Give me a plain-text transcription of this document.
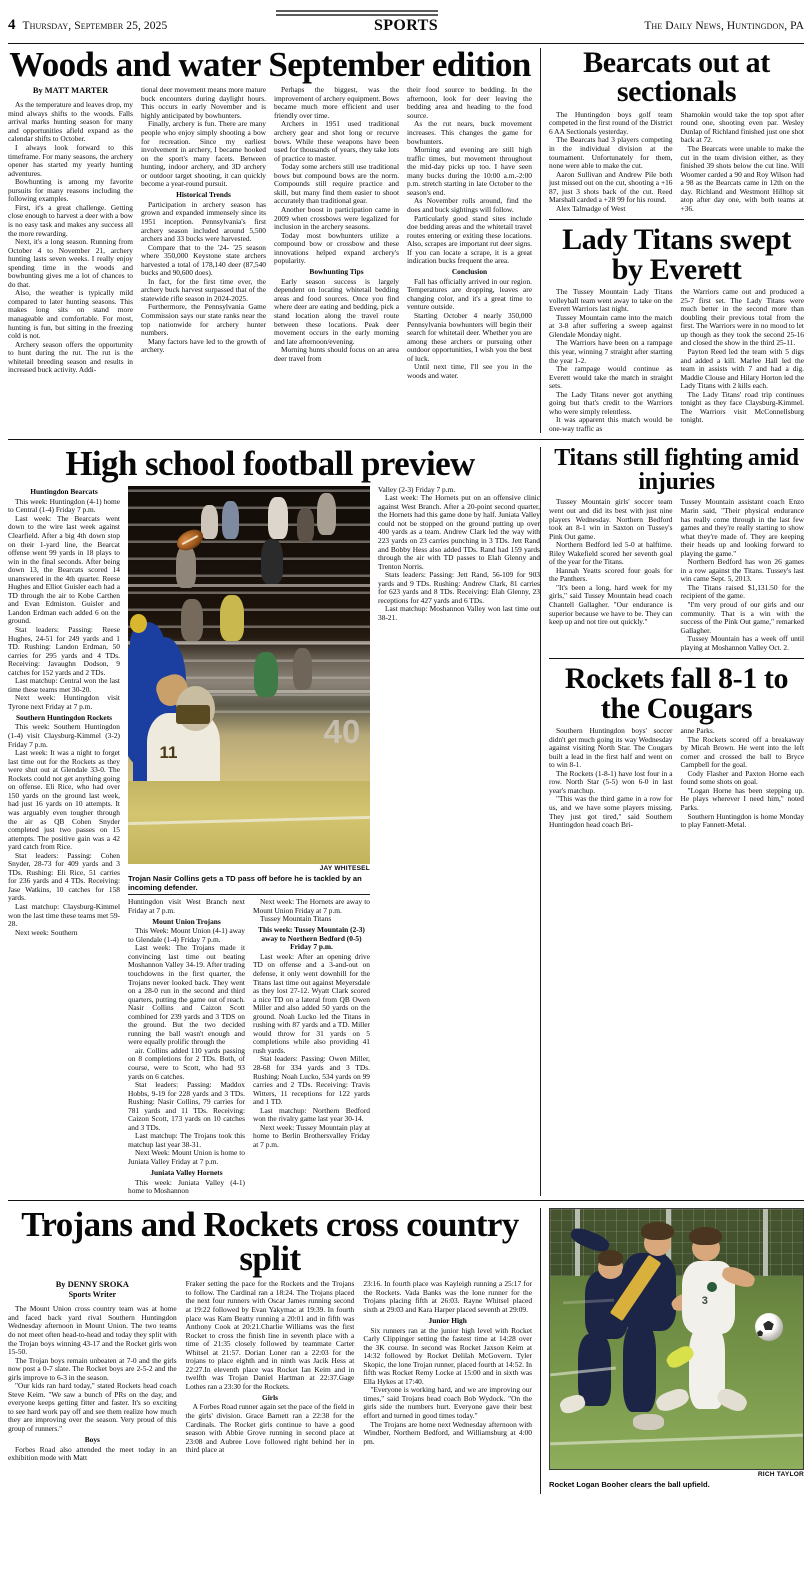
4 Thursday, September 25, 2025	The Daily News, Huntingdon, PA
SPORTS
Woods and water September edition
By MATT MARTER

As the temperature and leaves drop, my mind always shifts to the woods. Falls arrival marks hunting season for many and opportunities afield expand as the calendar shifts to October.

I always look forward to this timeframe. For many seasons, the archery opener has started my yearly hunting adventures.

Bowhunting is among my favorite pursuits for many reasons including the following examples.

First, it's a great challenge. Getting close enough to harvest a deer with a bow is no easy task and makes any success all the more rewarding.

Next, it's a long season. Running from October 4 to November 21, archery hunting lasts seven weeks. I really enjoy spending time in the woods and bowhunting gives me a lot of chances to do that.

Also, the weather is typically mild compared to later hunting seasons. This makes long sits on stand more manageable and comfortable. For most, hunting is fun, but sitting in the freezing cold is not.

Archery season offers the opportunity to hunt during the rut. The rut is the whitetail breeding season and results in increased buck activity. Addi-

tional deer movement means more mature buck encounters during daylight hours. This occurs in early November and is highly anticipated by bowhunters.

Finally, archery is fun. There are many people who enjoy simply shooting a bow for recreation. Since my earliest involvement in archery, I became hooked on the sport's many facets. Between hunting, indoor archery, and 3D archery or outdoor target shooting, it can quickly become a year-round pursuit.

Historical Trends

Participation in archery season has grown and expanded immensely since its 1951 inception. Pennsylvania's first archery season included around 5,500 archers and 33 bucks were harvested.

Compare that to the '24- '25 season where 350,000 Keystone state archers harvested a total of 178,140 deer (87,540 bucks and 90,600 does).

In fact, for the first time ever, the archery buck harvest surpassed that of the statewide rifle season in 2024-2025.

Furthermore, the Pennsylvania Game Commission says our state ranks near the top nationwide for archery hunter numbers.

Many factors have led to the growth of archery.

Perhaps the biggest, was the improvement of archery equipment. Bows became much more efficient and user friendly over time.

Archers in 1951 used traditional archery gear and shot long or recurve bows. While these weapons have been used for thousands of years, they take lots of practice to master.

Today some archers still use traditional bows but compound bows are the norm. Compounds still require practice and skill, but many find them easier to shoot accurately than traditional gear.

Another boost in participation came in 2009 when crossbows were legalized for inclusion in the archery seasons.

Today most bowhunters utilize a compound bow or crossbow and these innovations helped expand archery's popularity.

Bowhunting Tips

Early season success is largely dependent on locating whitetail bedding areas and food sources. Once you find where deer are eating and bedding, pick a stand location along the travel route between these locations. Peak deer movement occurs in the early morning and late afternoon/evening.

Morning hunts should focus on an area deer travel from

their food source to bedding. In the afternoon, look for deer leaving the bedding area and heading to the food source.

As the rut nears, buck movement increases. This changes the game for bowhunters.

Morning and evening are still high traffic times, but movement throughout the mid-day picks up too. I have seen many bucks during the 10:00 a.m.-2:00 p.m. stretch starting in late October to the season's end.

As November rolls around, find the does and buck sightings will follow.

Particularly good stand sites include doe bedding areas and the whitetail travel routes entering or exiting these locations. Also, scrapes are important rut deer signs. If you can locate a scrape, it is a great indication bucks frequent the area.

Conclusion

Fall has officially arrived in our region. Temperatures are dropping, leaves are changing color, and it's a great time to venture outside.

Starting October 4 nearly 350,000 Pennsylvania bowhunters will begin their search for whitetail deer. Whether you are among these archers or pursuing other outdoor opportunities, I wish you the best of luck.

Until next time, I'll see you in the woods and water.

Bearcats out at sectionals

The Huntingdon boys golf team competed in the first round of the District 6 AA Sectionals yesterday.

The Bearcats had 3 players competing in the individual division at the tournament. Unfortunately for them, none were able to make the cut.

Aaron Sullivan and Andrew Pile both just missed out on the cut, shooting a +16 87, just 3 shots back of the cut. Reed Marshall carded a +28 99 for his round.

Alex Talmadge of West

Shamokin would take the top spot after round one, shooting even par. Wesley Dunlap of Richland finished just one shot back at 72.

The Bearcats were unable to make the cut in the team division either, as they finished 39 shots below the cut line. Will Woomer carded a 90 and Roy Wilson had a 98 as the Bearcats came in 12th on the day. Richland and Westmont Hilltop sit atop after day one, with both teams at +36.

Lady Titans swept by Everett

The Tussey Mountain Lady Titans volleyball team went away to take on the Everett Warriors last night.

Tussey Mountain came into the match at 3-8 after suffering a sweep against Glendale Monday night.

The Warriors have been on a rampage this year, winning 7 straight after starting the year 1-2.

The rampage would continue as Everett would take the match in straight sets.

The Lady Titans never got anything going but that's credit to the Warriors who were simply relentless.

It was apparent this match would be one-way traffic as

the Warriors came out and produced a 25-7 first set. The Lady Titans were much better in the second more than doubling their previous total from the first. The Warriors were in no mood to let up though as they took the second 25-16 and closed the show in the third 25-11.

Payton Reed led the team with 5 digs and added a kill. Marlee Hall led the team in assists with 7 and had a dig. Maddie Clouse and Hilary Horton led the Lady Titans with 2 kills each.

The Lady Titans' road trip continues tonight as they face Claysburg-Kimmel. The Warriors visit McConnellsburg tonight.

High school football preview

Huntingdon Bearcats

This week: Huntingdon (4-1) home to Central (1-4) Friday 7 p.m.

Last week: The Bearcats went down to the wire last week against Clearfield. After a big 4th down stop on their 1-yard line, the Bearcat offense went 99 yards in 18 plays to win in the final seconds. After being down 13, the Bearcats scored 14 unanswered in the 4th quarter. Reese Hughes and Elliot Guisler each had a TD through the air to Kobe Carthen and Evan Edmiston. Guisler and Landon Erdman each added 6 on the ground.

Stat leaders: Passing: Reese Hughes, 24-51 for 249 yards and 1 TD. Rushing: Landon Erdman, 50 carries for 295 yards and 4 TDs. Receiving: Javaughn Dodson, 9 catches for 152 yards and 2 TDs.

Last matchup: Central won the last time these teams met 30-20.

Next week: Huntingdon visit Tyrone next Friday at 7 p.m.

Southern Huntingdon Rockets

This week: Southern Huntingdon (1-4) visit Claysburg-Kimmel (3-2) Friday 7 p.m.

Last week: It was a night to forget last time out for the Rockets as they were shut out at Glendale 33-0. The Rockets could not get anything going on offense. Eli Rice, who had over 150 yards on the ground last week, had just 16 yards on 10 attempts. It was arguably even tougher through the air as QB Cohen Snyder completed just two passes on 15 attempts. The positive gain was a 42 yard catch from Rice.

Stat leaders: Passing: Cohen Snyder, 28-73 for 409 yards and 3 TDs. Rushing: Eli Rice, 51 carries for 236 yards and 4 TDs. Receiving: Jase Watkins, 10 catches for 158 yards.

Last matchup: Claysburg-Kimmel won the last time these teams met 59-28.

Next week: Southern

40
11
JAY WHITESEL
Trojan Nasir Collins gets a TD pass off before he is tackled by an incoming defender.

Huntingdon visit West Branch next Friday at 7 p.m.

Mount Union Trojans

This Week: Mount Union (4-1) away to Glendale (1-4) Friday 7 p.m.

Last week: The Trojans made it convincing last time out beating Moshannon Valley 34-19. After trading touchdowns in the first quarter, the Trojans never looked back. They went on a 28-0 run in the second and third quarters, putting the game out of reach. Nasir Collins and Caizon Scott combined for 239 yards and 3 TDS on the ground. But the two decided running the ball wasn't enough and were equally prolific through the

air. Collins added 110 yards passing on 8 completions for 2 TDs. Both, of course, were to Scott, who had 93 yards on 6 catches.

Stat leaders: Passing: Maddox Hobbs, 9-19 for 228 yards and 3 TDs. Rushing: Nasir Collins, 79 carries for 781 yards and 11 TDs. Receiving: Caizon Scott, 173 yards on 10 catches and 3 TDs.

Last matchup: The Trojans took this matchup last year 38-31.

Next Week: Mount Union is home to Juniata Valley Friday at 7 p.m.

Juniata Valley Hornets

This week: Juniata Valley (4-1) home to Moshannon

Next week: The Hornets are away to Mount Union Friday at 7 p.m.

Tussey Mountain Titans

This week: Tussey Mountain (2-3) away to Northern Bedford (0-5) Friday 7 p.m.

Last week: After an opening drive TD on offense and a 3-and-out on defense, it only went downhill for the Titans last time out against Meyersdale as they lost 27-12. Wyatt Clark scored a nice TD on a lateral from QB Owen Miller and also added 50 yards on the ground. Noah Lucko led the Titans in rushing with 87 yards and a TD. Miller would throw for 31 yards on 5 completions while also providing 41 rush yards.

Stat leaders: Passing: Owen Miller, 28-68 for 334 yards and 3 TDs. Rushing: Noah Lucko, 534 yards on 99 carries and 2 TDs. Receiving: Travis Witters, 11 receptions for 122 yards and 1 TD.

Last matchup: Northern Bedford won the rivalry game last year 30-14.

Next week: Tussey Mountain play at home to Berlin Brothersvalley Friday at 7 p.m.

Valley (2-3) Friday 7 p.m.

Last week: The Hornets put on an offensive clinic against West Branch. After a 20-point second quarter, the Hornets had this game done by half. Juniata Valley could not be stopped on the ground putting up over 400 yards as a team. Andrew Clark led the way with 223 yards on 23 carries punching in 3 TDs. Jett Rand and Bobby Hess also added TDs. Rand had 159 yards through the air with TD passes to Elah Glenny and Trenton Norris.

Stats leaders: Passing: Jett Rand, 56-109 for 903 yards and 9 TDs. Rushing: Andrew Clark, 81 carries for 623 yards and 8 TDs. Receiving: Elah Glenny, 23 receptions for 427 yards and 6 TDs.

Last matchup: Moshannon Valley won last time out 38-21.

Titans still fighting amid injuries

Tussey Mountain girls' soccer team went out and did its best with just nine players Wednesday. Northern Bedford took an 8-1 win in Saxton on Tussey's Pink Out game.

Northern Bedford led 5-0 at halftime. Riley Wakefield scored her seventh goal of the year for the Titans.

Hannah Yeatts scored four goals for the Panthers.

"It's been a long, hard week for my girls," said Tussey Mountain head coach Chantell Gallagher. "Our endurance is superior because we have to be. They can keep up and not tire out quickly."

Tussey Mountain assistant coach Enzo Marin said, "Their physical endurance has really come through in the last few games and they're really starting to show what they're made of. They are keeping their heads up and looking forward to playing the game."

Northern Bedford has won 26 games in a row against the Titans. Tussey's last win came Sept. 5, 2013.

The Titans raised $1,131.50 for the recipient of the game.

"I'm very proud of our girls and our community. That is a win with the success of the Pink Out game," remarked Gallagher.

Tussey Mountain has a week off until playing at Moshannon Valley Oct. 2.

Rockets fall 8-1 to the Cougars

Southern Huntingdon boys' soccer didn't get much going its way Wednesday against visiting North Star. The Cougars built a lead in the first half and went on to win 8-1.

The Rockets (1-8-1) have lost four in a row. North Star (5-5) won 6-0 in last year's matchup.

"This was the third game in a row for us, and we have some players missing. They just got tired," said Southern Huntingdon head coach Bri-

anne Parks.

The Rockets scored off a breakaway by Micah Brown. He went into the left corner and crossed the ball to Bryce Campbell for the goal.

Cody Flasher and Paxton Horne each found some shots on goal.

"Logan Horne has been stepping up. He plays wherever I need him," noted Parks.

Southern Huntingdon is home Monday to play Fannett-Metal.

Trojans and Rockets cross country split
By DENNY SROKA
Sports Writer

The Mount Union cross country team was at home and faced back yard rival Southern Huntingdon Wednesday afternoon in Mount Union. The two teams do not meet often head-to-head and today they split with the Trojan boys winning 43-17 and the Rocket girls won 15-50.

The Trojan boys remain unbeaten at 7-0 and the girls now post a 0-7 slate. The Rocket boys are 2-5-2 and the girls improve to 6-3 in the season.

"Our kids ran hard today," stated Rockets head coach Steve Keim. "We saw a bunch of PRs on the day, and everyone keeps getting fitter and faster. It's so exciting to see hard work pay off and see them realize how much they are improving over the season. Very proud of this group of runners."

Boys

Forbes Road also attended the meet today in an exhibition mode with Matt

Fraker setting the pace for the Rockets and the Trojans to follow. The Cardinal ran a 18:24. The Trojans placed the next four runners with Oscar James running second at 19:22 followed by Evan Yakymac at 19:39. In fourth place was Kam Beatty running a 20:01 and in fifth was Anthony Cook at 20:21.Charlie Williams was the first Rocket to cross the finish line in seventh place with a time of 21:35 closely followed by teammate Carter Whitsel at 21:57. Dorian Loner ran a 22:03 for the trojans to place eighth and in ninth was Jacik Hess at 22:27.In eleventh place was Rocket Ian Keim and in twelfth was Trojan Daniel Hartman at 22:37.Gage Lothes ran a 23:30 for the Rockets.

Girls

A Forbes Road runner again set the pace of the field in the girls' division. Grace Barnett ran a 22:38 for the Cardinals. The Rocket girls continue to have a good season with Abbie Grove running in second place at 23:08 and Aubree Love followed right behind her in third place at

23:16. In fourth place was Kayleigh running a 25:17 for the Rockets. Vada Banks was the lone runner for the Trojans placing fifth at 26:03. Rayne Whitsel placed sixth at 29:03 and Kara Harper placed seventh at 29:09.

Junior High

Six runners ran at the junior high level with Rocket Carly Clippinger setting the fastest time at 14:28 over the 3K course. In second was Rocket Jaxson Keim at 14:32 followed by Rocket Delilah McGovern. Tyler Skopic, the lone Trojan runner, placed fourth at 14:52. In fifth was Rocket Remy Locke at 15:00 and in sixth was Ella Hykes at 17:40.

"Everyone is working hard, and we are improving our times," said Trojans head coach Bob Wydock. "On the girls side the numbers hurt. Everyone gave their best effort and turned in good times today."

The Trojans are home next Wednesday afternoon with Windber, Northern Bedford, and Williamsburg at 4:00 pm.

3
RICH TAYLOR
Rocket Logan Booher clears the ball upfield.
